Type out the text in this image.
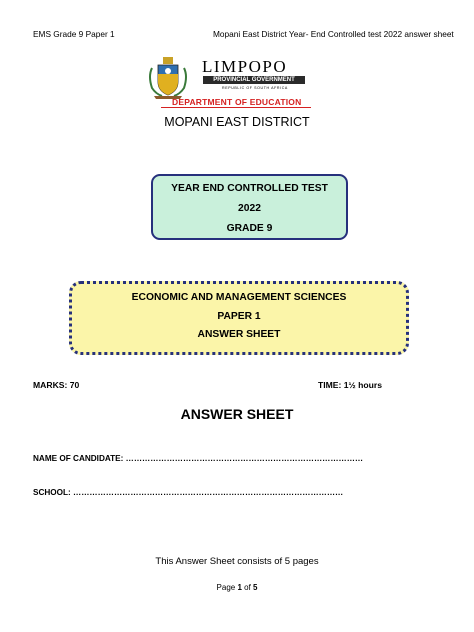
EMS Grade 9 Paper 1	Mopani East District Year- End Controlled test 2022 answer sheet
LIMPOPO
PROVINCIAL GOVERNMENT
REPUBLIC OF SOUTH AFRICA
DEPARTMENT OF EDUCATION
MOPANI EAST DISTRICT
YEAR END CONTROLLED TEST
2022
GRADE 9
ECONOMIC AND MANAGEMENT SCIENCES
PAPER 1
ANSWER SHEET
MARKS: 70	TIME: 1½ hours
ANSWER SHEET
NAME OF CANDIDATE: ……………………………………………………………………………
SCHOOL: ………………………………………………………………………………………
This Answer Sheet consists of 5 pages
Page 1 of 5
